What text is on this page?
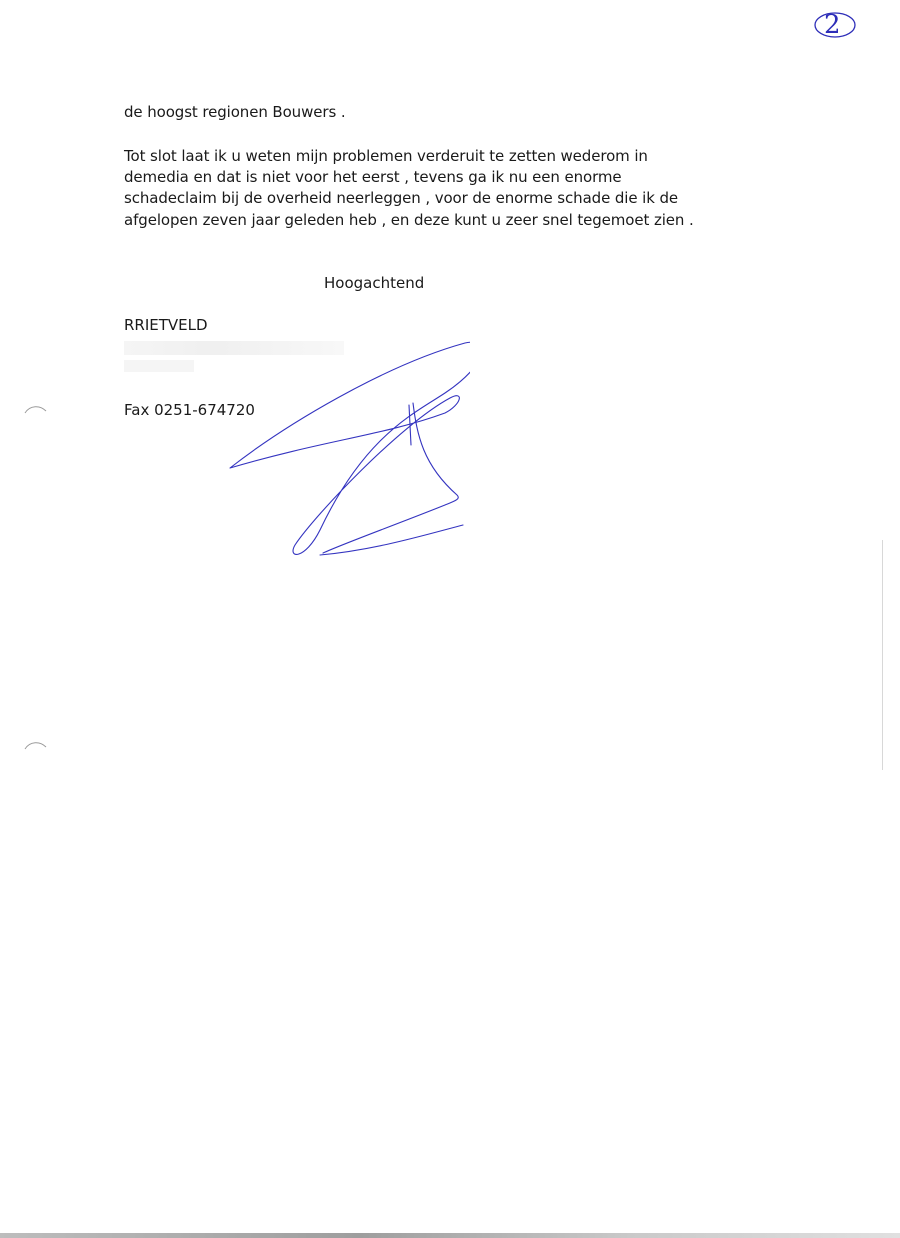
2
de hoogst regionen Bouwers .
Tot slot laat ik u weten mijn problemen verderuit te zetten wederom in
demedia en dat is niet voor het eerst , tevens ga ik nu een enorme
schadeclaim bij de overheid neerleggen , voor de enorme schade die ik de
afgelopen zeven jaar geleden heb , en deze kunt u zeer snel tegemoet zien .
Hoogachtend
RRIETVELD
Fax 0251-674720
